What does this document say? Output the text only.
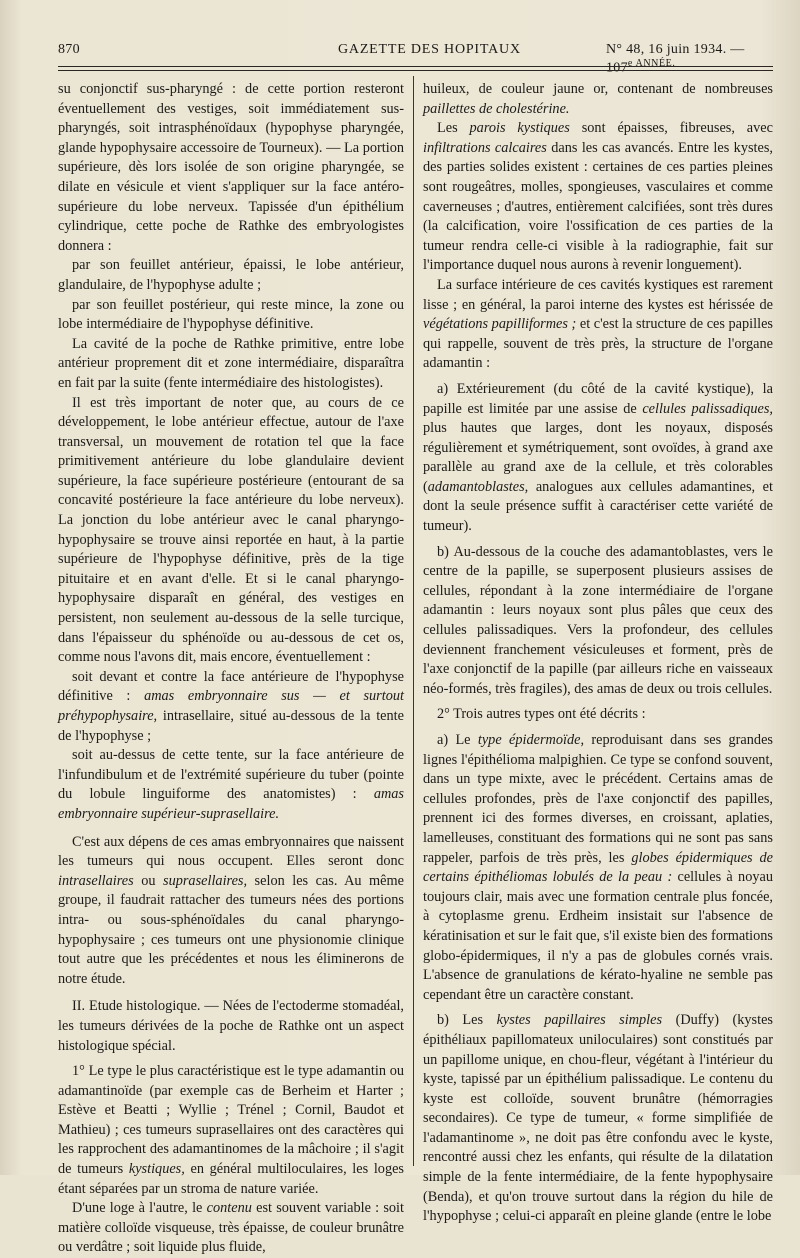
870	GAZETTE DES HOPITAUX	N° 48, 16 juin 1934. — $107^{e ANNÉE.}$

su conjonctif sus-pharyngé : de cette portion resteront éventuellement des vestiges, soit immédiatement sus-pharyngés, soit intrasphénoïdaux (hypophyse pharyngée, glande hypophysaire accessoire de Tourneux). — La portion supérieure, dès lors isolée de son origine pharyngée, se dilate en vésicule et vient s'appliquer sur la face antéro-supérieure du lobe nerveux. Tapissée d'un épithélium cylindrique, cette poche de Rathke des embryologistes donnera :

par son feuillet antérieur, épaissi, le lobe antérieur, glandulaire, de l'hypophyse adulte ;

par son feuillet postérieur, qui reste mince, la zone ou lobe intermédiaire de l'hypophyse définitive.

La cavité de la poche de Rathke primitive, entre lobe antérieur proprement dit et zone intermédiaire, disparaîtra en fait par la suite (fente intermédiaire des histologistes).

Il est très important de noter que, au cours de ce développement, le lobe antérieur effectue, autour de l'axe transversal, un mouvement de rotation tel que la face primitivement antérieure du lobe glandulaire devient supérieure, la face supérieure postérieure (entourant de sa concavité postérieure la face antérieure du lobe nerveux). La jonction du lobe antérieur avec le canal pharyngo-hypophysaire se trouve ainsi reportée en haut, à la partie supérieure de l'hypophyse définitive, près de la tige pituitaire et en avant d'elle. Et si le canal pharyngo-hypophysaire disparaît en général, des vestiges en persistent, non seulement au-dessous de la selle turcique, dans l'épaisseur du sphénoïde ou au-dessous de cet os, comme nous l'avons dit, mais encore, éventuellement :

soit devant et contre la face antérieure de l'hypophyse définitive : amas embryonnaire sus — et surtout préhypophysaire, intrasellaire, situé au-dessous de la tente de l'hypophyse ;

soit au-dessus de cette tente, sur la face antérieure de l'infundibulum et de l'extrémité supérieure du tuber (pointe du lobule linguiforme des anatomistes) : amas embryonnaire supérieur-suprasellaire.

C'est aux dépens de ces amas embryonnaires que naissent les tumeurs qui nous occupent. Elles seront donc intrasellaires ou suprasellaires, selon les cas. Au même groupe, il faudrait rattacher des tumeurs nées des portions intra- ou sous-sphénoïdales du canal pharyngo-hypophysaire ; ces tumeurs ont une physionomie clinique tout autre que les précédentes et nous les éliminerons de notre étude.

II. Etude histologique. — Nées de l'ectoderme stomadéal, les tumeurs dérivées de la poche de Rathke ont un aspect histologique spécial.

1° Le type le plus caractéristique est le type adamantin ou adamantinoïde (par exemple cas de Berheim et Harter ; Estève et Beatti ; Wyllie ; Trénel ; Cornil, Baudot et Mathieu) ; ces tumeurs suprasellaires ont des caractères qui les rapprochent des adamantinomes de la mâchoire ; il s'agit de tumeurs kystiques, en général multiloculaires, les loges étant séparées par un stroma de nature variée.

D'une loge à l'autre, le contenu est souvent variable : soit matière colloïde visqueuse, très épaisse, de couleur brunâtre ou verdâtre ; soit liquide plus fluide,

huileux, de couleur jaune or, contenant de nombreuses paillettes de cholestérine.

Les parois kystiques sont épaisses, fibreuses, avec infiltrations calcaires dans les cas avancés. Entre les kystes, des parties solides existent : certaines de ces parties pleines sont rougeâtres, molles, spongieuses, vasculaires et comme caverneuses ; d'autres, entièrement calcifiées, sont très dures (la calcification, voire l'ossification de ces parties de la tumeur rendra celle-ci visible à la radiographie, fait sur l'importance duquel nous aurons à revenir longuement).

La surface intérieure de ces cavités kystiques est rarement lisse ; en général, la paroi interne des kystes est hérissée de végétations papilliformes ; et c'est la structure de ces papilles qui rappelle, souvent de très près, la structure de l'organe adamantin :

a) Extérieurement (du côté de la cavité kystique), la papille est limitée par une assise de cellules palissadiques, plus hautes que larges, dont les noyaux, disposés régulièrement et symétriquement, sont ovoïdes, à grand axe parallèle au grand axe de la cellule, et très colorables (adamantoblastes, analogues aux cellules adamantines, et dont la seule présence suffit à caractériser cette variété de tumeur).

b) Au-dessous de la couche des adamantoblastes, vers le centre de la papille, se superposent plusieurs assises de cellules, répondant à la zone intermédiaire de l'organe adamantin : leurs noyaux sont plus pâles que ceux des cellules palissadiques. Vers la profondeur, des cellules deviennent franchement vésiculeuses et forment, près de l'axe conjonctif de la papille (par ailleurs riche en vaisseaux néo-formés, très fragiles), des amas de deux ou trois cellules.

2° Trois autres types ont été décrits :

a) Le type épidermoïde, reproduisant dans ses grandes lignes l'épithélioma malpighien. Ce type se confond souvent, dans un type mixte, avec le précédent. Certains amas de cellules profondes, près de l'axe conjonctif des papilles, prennent ici des formes diverses, en croissant, aplaties, lamelleuses, constituant des formations qui ne sont pas sans rappeler, parfois de très près, les globes épidermiques de certains épithéliomas lobulés de la peau : cellules à noyau toujours clair, mais avec une formation centrale plus foncée, à cytoplasme grenu. Erdheim insistait sur l'absence de kératinisation et sur le fait que, s'il existe bien des formations globo-épidermiques, il n'y a pas de globules cornés vrais. L'absence de granulations de kérato-hyaline ne semble pas cependant être un caractère constant.

b) Les kystes papillaires simples (Duffy) (kystes épithéliaux papillomateux uniloculaires) sont constitués par un papillome unique, en chou-fleur, végétant à l'intérieur du kyste, tapissé par un épithélium palissadique. Le contenu du kyste est colloïde, souvent brunâtre (hémorragies secondaires). Ce type de tumeur, « forme simplifiée de l'adamantinome », ne doit pas être confondu avec le kyste, rencontré aussi chez les enfants, qui résulte de la dilatation simple de la fente intermédiaire, de la fente hypophysaire (Benda), et qu'on trouve surtout dans la région du hile de l'hypophyse ; celui-ci apparaît en pleine glande (entre le lobe
